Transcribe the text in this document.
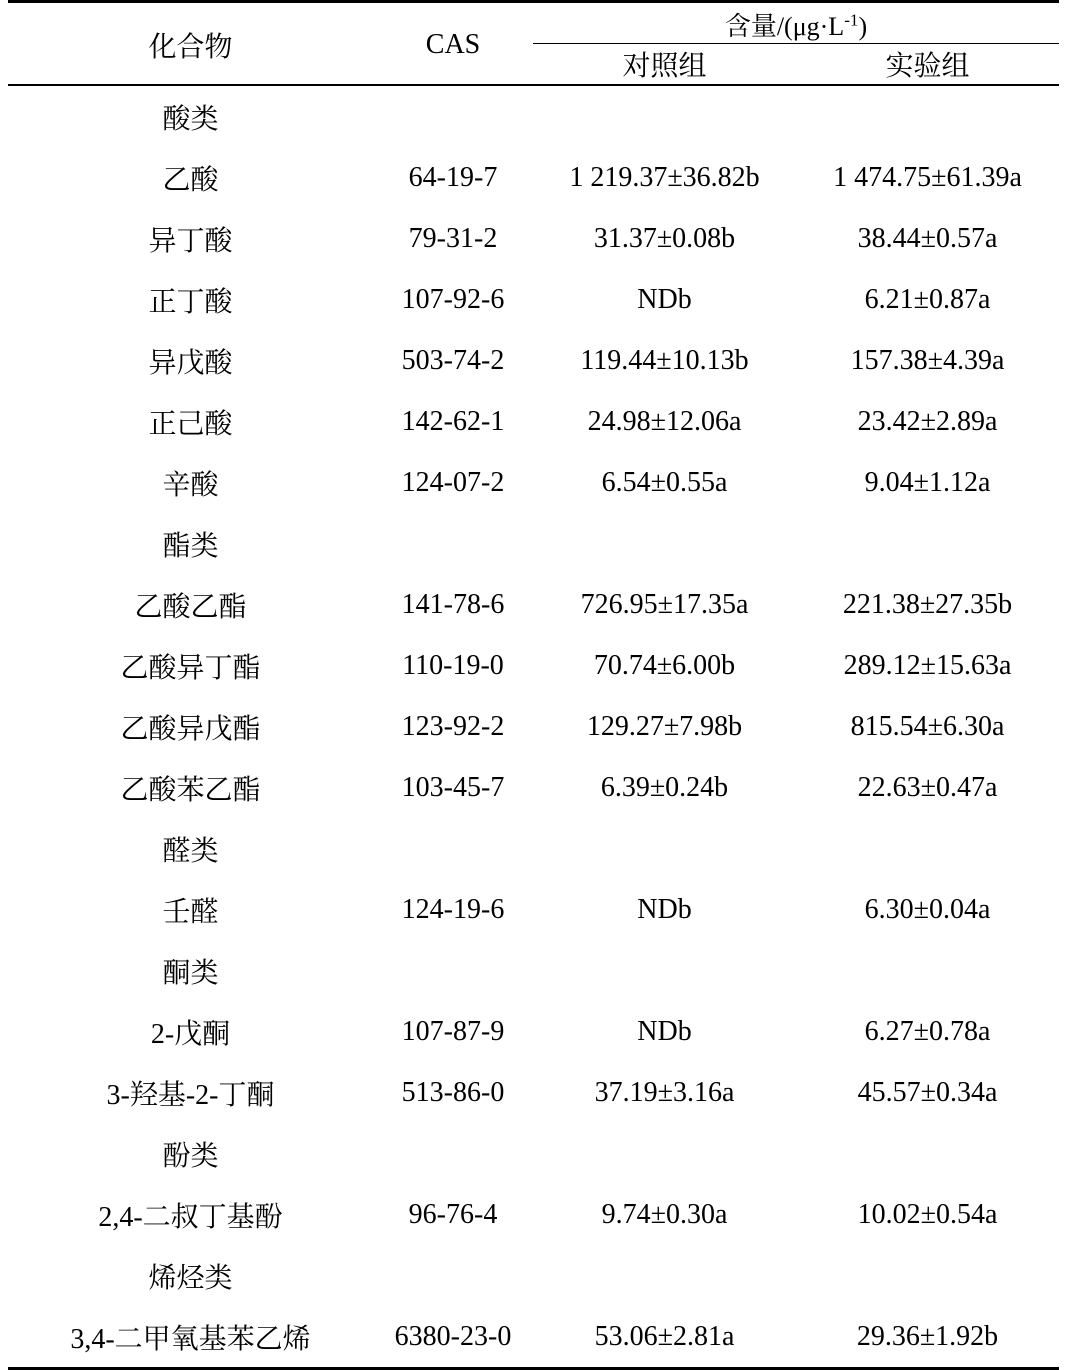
化合物	CAS	含量$/(\mu g\cdot L^{-1})$	
		对照组	实验组

酸类			
乙酸	64-19-7	1 219.37±36.82b	1 474.75±61.39a
异丁酸	79-31-2	31.37±0.08b	38.44±0.57a
正丁酸	107-92-6	NDb	6.21±0.87a
异戊酸	503-74-2	119.44±10.13b	157.38±4.39a
正己酸	142-62-1	24.98±12.06a	23.42±2.89a
辛酸	124-07-2	6.54±0.55a	9.04±1.12a
酯类			
乙酸乙酯	141-78-6	726.95±17.35a	221.38±27.35b
乙酸异丁酯	110-19-0	70.74±6.00b	289.12±15.63a
乙酸异戊酯	123-92-2	129.27±7.98b	815.54±6.30a
乙酸苯乙酯	103-45-7	6.39±0.24b	22.63±0.47a
醛类			
壬醛	124-19-6	NDb	6.30±0.04a
酮类			
2-戊酮	107-87-9	NDb	6.27±0.78a
3-羟基-2-丁酮	513-86-0	37.19±3.16a	45.57±0.34a
酚类			
2,4-二叔丁基酚	96-76-4	9.74±0.30a	10.02±0.54a
烯烃类			
3,4-二甲氧基苯乙烯	6380-23-0	53.06±2.81a	29.36±1.92b
